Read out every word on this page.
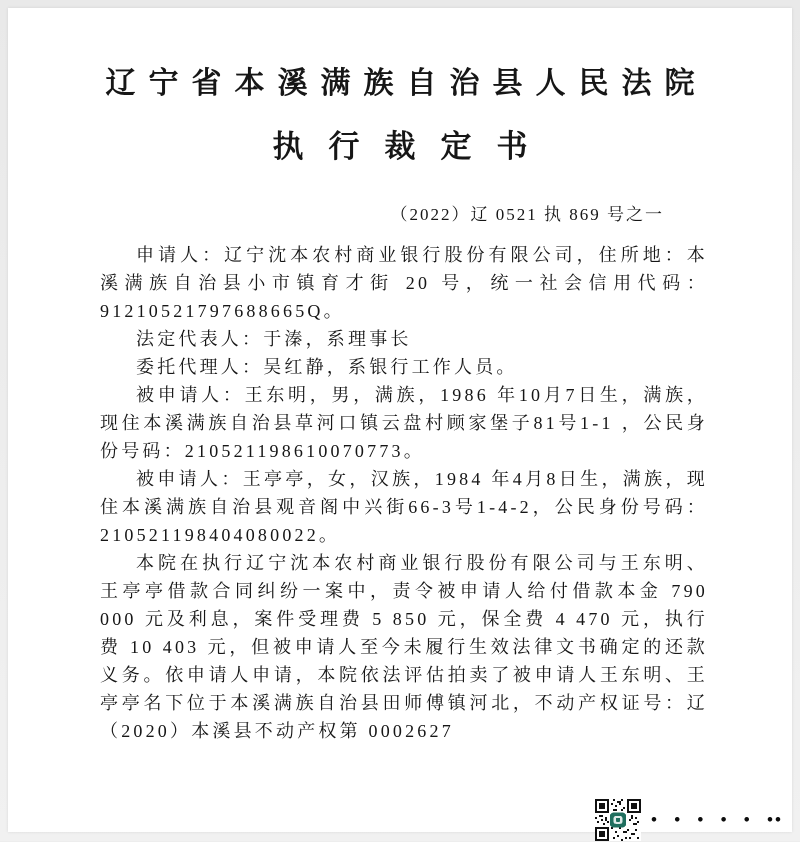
辽宁省本溪满族自治县人民法院
执行裁定书
（2022）辽 0521 执 869 号之一

申请人：辽宁沈本农村商业银行股份有限公司，住所地：本溪满族自治县小市镇育才街 20 号，统一社会信用代码：91210521797688665Q。

法定代表人：于溱，系理事长

委托代理人：吴红静，系银行工作人员。

被申请人：王东明，男，满族，1986 年10月7日生，满族，现住本溪满族自治县草河口镇云盘村顾家堡子81号1-1 ，公民身份号码：210521198610070773。

被申请人：王亭亭，女，汉族，1984 年4月8日生，满族，现住本溪满族自治县观音阁中兴街66-3号1-4-2，公民身份号码：210521198404080022。

本院在执行辽宁沈本农村商业银行股份有限公司与王东明、王亭亭借款合同纠纷一案中，责令被申请人给付借款本金 790 000 元及利息，案件受理费 5 850 元，保全费 4 470 元，执行费 10 403 元，但被申请人至今未履行生效法律文书确定的还款义务。依申请人申请，本院依法评估拍卖了被申请人王东明、王亭亭名下位于本溪满族自治县田师傅镇河北，不动产权证号：辽（2020）本溪县不动产权第 0002627

• • • • • ••
